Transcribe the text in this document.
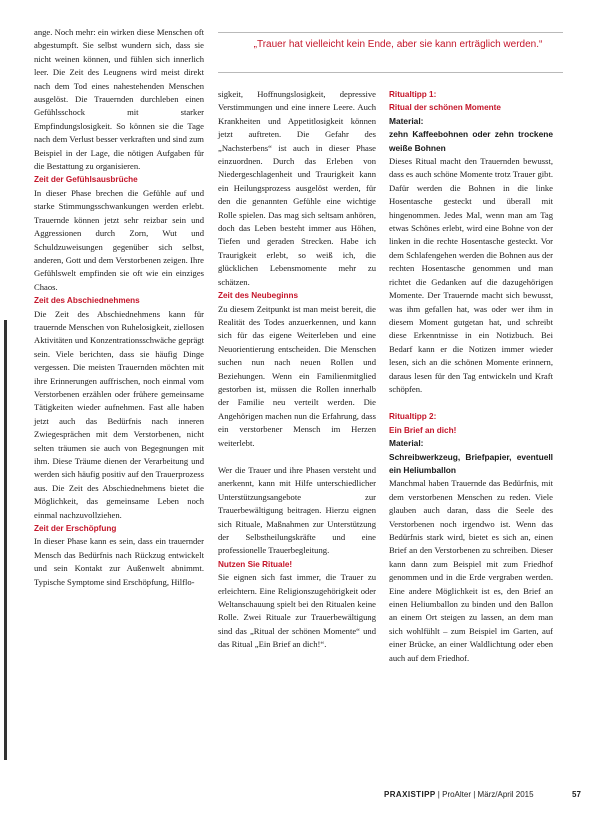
„Trauer hat vielleicht kein Ende, aber sie kann erträglich werden.“

ange. Noch mehr: ein wirken diese Menschen oft abgestumpft. Sie selbst wundern sich, dass sie nicht weinen können, und fühlen sich innerlich leer. Die Zeit des Leugnens wird meist direkt nach dem Tod eines nahestehenden Menschen ausgelöst. Die Trauernden durchleben einen Gefühlsschock mit starker Empfindungslosigkeit. So können sie die Tage nach dem Verlust besser verkraften und sind zum Beispiel in der Lage, die nötigen Aufgaben für die Bestattung zu organisieren.

Zeit der Gefühlsausbrüche

In dieser Phase brechen die Gefühle auf und starke Stimmungsschwankungen werden erlebt. Trauernde können jetzt sehr reizbar sein und Aggressionen durch Zorn, Wut und Schuldzuweisungen gegenüber sich selbst, anderen, Gott und dem Verstorbenen zeigen. Ihre Gefühlswelt empfinden sie oft wie ein einziges Chaos.

Zeit des Abschiednehmens

Die Zeit des Abschiednehmens kann für trauernde Menschen von Ruhelosigkeit, ziellosen Aktivitäten und Konzentrationsschwäche geprägt sein. Viele berichten, dass sie häufig Dinge vergessen. Die meisten Trauernden möchten mit ihre Erinnerungen auffrischen, noch einmal vom Verstorbenen erzählen oder frühere gemeinsame Tätigkeiten wieder aufnehmen. Fast alle haben jetzt auch das Bedürfnis nach inneren Zwiegesprächen mit dem Verstorbenen, nicht selten träumen sie auch von Begegnungen mit ihm. Diese Träume dienen der Verarbeitung und werden sich häufig positiv auf den Trauerprozess aus. Die Zeit des Abschiednehmens bietet die Möglichkeit, das gemeinsame Leben noch einmal nachzuvollziehen.

Zeit der Erschöpfung

In dieser Phase kann es sein, dass ein trauernder Mensch das Bedürfnis nach Rückzug entwickelt und sein Kontakt zur Außenwelt abnimmt. Typische Symptome sind Erschöpfung, Hilflo-

sigkeit, Hoffnungslosigkeit, depressive Verstimmungen und eine innere Leere. Auch Krankheiten und Appetitlosigkeit können jetzt auftreten. Die Gefahr des „Nachsterbens“ ist auch in dieser Phase einzuordnen. Durch das Erleben von Niedergeschlagenheit und Traurigkeit kann ein Heilungsprozess ausgelöst werden, für den die genannten Gefühle eine wichtige Rolle spielen. Das mag sich seltsam anhören, doch das Leben besteht immer aus Höhen, Tiefen und geraden Strecken. Habe ich Traurigkeit erlebt, so weiß ich, die glücklichen Lebensmomente mehr zu schätzen.

Zeit des Neubeginns

Zu diesem Zeitpunkt ist man meist bereit, die Realität des Todes anzuerkennen, und kann sich für das eigene Weiterleben und eine Neuorientierung entscheiden. Die Menschen suchen nun nach neuen Rollen und Beziehungen. Wenn ein Familienmitglied gestorben ist, müssen die Rollen innerhalb der Familie neu verteilt werden. Die Angehörigen machen nun die Erfahrung, dass ein verstorbener Mensch im Herzen weiterlebt.

Wer die Trauer und ihre Phasen versteht und anerkennt, kann mit Hilfe unterschiedlicher Unterstützungsangebote zur Trauerbewältigung beitragen. Hierzu eignen sich Rituale, Maßnahmen zur Unterstützung der Selbstheilungskräfte und eine professionelle Trauerbegleitung.

Nutzen Sie Rituale!

Sie eignen sich fast immer, die Trauer zu erleichtern. Eine Religionszugehörigkeit oder Weltanschauung spielt bei den Ritualen keine Rolle. Zwei Rituale zur Trauerbewältigung sind das „Ritual der schönen Momente“ und das Ritual „Ein Brief an dich!“.

Ritualtipp 1:

Ritual der schönen Momente

Material:

zehn Kaffeebohnen oder zehn trockene weiße Bohnen

Dieses Ritual macht den Trauernden bewusst, dass es auch schöne Momente trotz Trauer gibt. Dafür werden die Bohnen in die linke Hosentasche gesteckt und überall mit hingenommen. Jedes Mal, wenn man am Tag etwas Schönes erlebt, wird eine Bohne von der linken in die rechte Hosentasche gesteckt. Vor dem Schlafengehen werden die Bohnen aus der rechten Hosentasche genommen und man richtet die Gedanken auf die dazugehörigen Momente. Der Trauernde macht sich bewusst, was ihm gefallen hat, was oder wer ihm in diesem Moment gutgetan hat, und schreibt diese Erkenntnisse in ein Notizbuch. Bei Bedarf kann er die Notizen immer wieder lesen, sich an die schönen Momente erinnern, daraus lesen für den Tag entwickeln und Kraft schöpfen.

Ritualtipp 2:

Ein Brief an dich!

Material:

Schreibwerkzeug, Briefpapier, eventuell ein Heliumballon

Manchmal haben Trauernde das Bedürfnis, mit dem verstorbenen Menschen zu reden. Viele glauben auch daran, dass die Seele des Verstorbenen noch irgendwo ist. Wenn das Bedürfnis stark wird, bietet es sich an, einen Brief an den Verstorbenen zu schreiben. Dieser kann dann zum Beispiel mit zum Friedhof genommen und in die Erde vergraben werden. Eine andere Möglichkeit ist es, den Brief an einen Heliumballon zu binden und den Ballon an einem Ort steigen zu lassen, an dem man sich wohlfühlt – zum Beispiel im Garten, auf einer Brücke, an einer Waldlichtung oder eben auch auf dem Friedhof.

PRAXISTIPP | ProAlter | März/April 2015	57
